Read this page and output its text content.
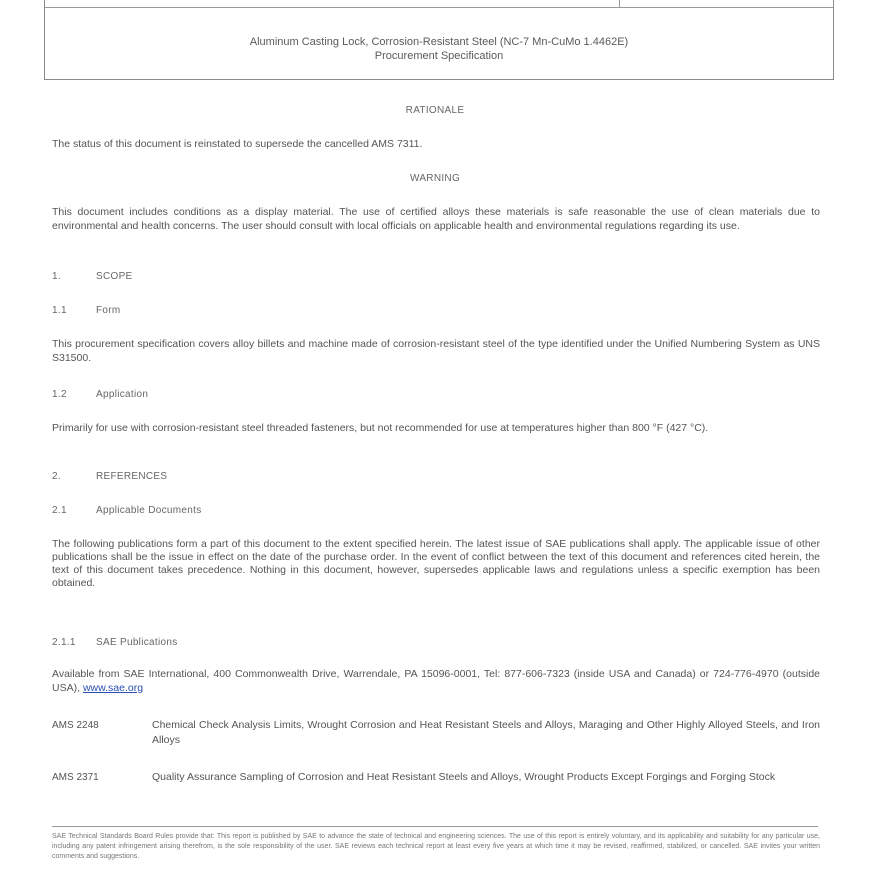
Aluminum Casting Lock, Corrosion-Resistant Steel (NC-7 Mn-CuMo 1.4462E)
Procurement Specification
RATIONALE
The status of this document is reinstated to supersede the cancelled AMS 7311.
WARNING
This document includes conditions as a display material. The use of certified alloys these materials is safe reasonable the use of clean materials due to environmental and health concerns. The user should consult with local officials on applicable health and environmental regulations regarding its use.
1.	SCOPE
1.1	Form
This procurement specification covers alloy billets and machine made of corrosion-resistant steel of the type identified under the Unified Numbering System as UNS S31500.
1.2	Application
Primarily for use with corrosion-resistant steel threaded fasteners, but not recommended for use at temperatures higher than 800 °F (427 °C).
2.	REFERENCES
2.1	Applicable Documents
The following publications form a part of this document to the extent specified herein. The latest issue of SAE publications shall apply. The applicable issue of other publications shall be the issue in effect on the date of the purchase order. In the event of conflict between the text of this document and references cited herein, the text of this document takes precedence. Nothing in this document, however, supersedes applicable laws and regulations unless a specific exemption has been obtained.
2.1.1 SAE Publications
Available from SAE International, 400 Commonwealth Drive, Warrendale, PA 15096-0001, Tel: 877-606-7323 (inside USA and Canada) or 724-776-4970 (outside USA), www.sae.org
AMS 2248	Chemical Check Analysis Limits, Wrought Corrosion and Heat Resistant Steels and Alloys, Maraging and Other Highly Alloyed Steels, and Iron Alloys
AMS 2371	Quality Assurance Sampling of Corrosion and Heat Resistant Steels and Alloys, Wrought Products Except Forgings and Forging Stock
SAE Technical Standards Board Rules provide that: This report is published by SAE to advance the state of technical and engineering sciences. The use of this report is entirely voluntary, and its applicability and suitability for any particular use, including any patent infringement arising therefrom, is the sole responsibility of the user. SAE reviews each technical report at least every five years at which time it may be revised, reaffirmed, stabilized, or cancelled. SAE invites your written comments and suggestions.
